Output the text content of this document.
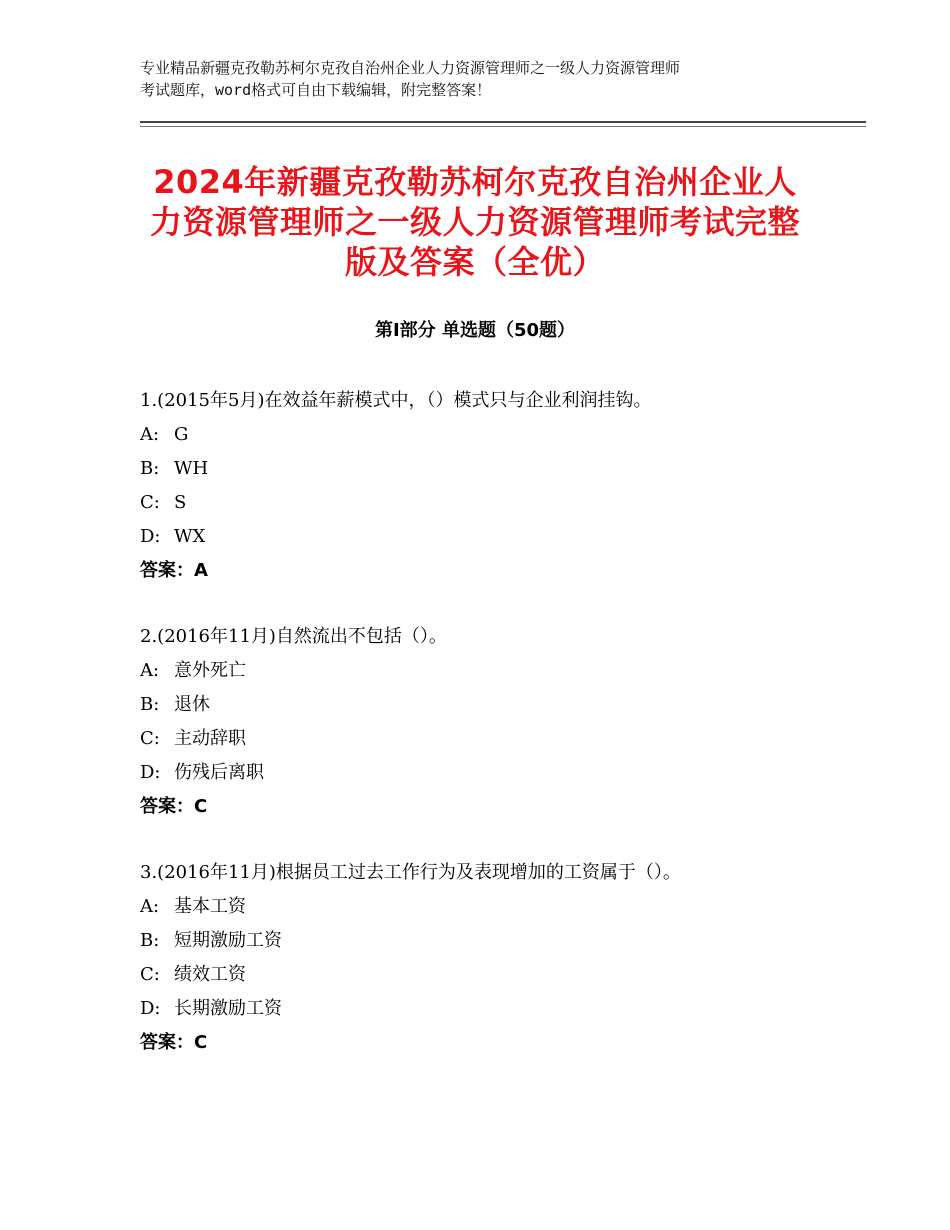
专业精品新疆克孜勒苏柯尔克孜自治州企业人力资源管理师之一级人力资源管理师
考试题库，word格式可自由下载编辑，附完整答案！
2024年新疆克孜勒苏柯尔克孜自治州企业人力资源管理师之一级人力资源管理师考试完整版及答案（全优）
第Ⅰ部分 单选题（50题）
1.(2015年5月)在效益年薪模式中，（）模式只与企业利润挂钩。
A: G
B: WH
C: S
D: WX
答案：A
2.(2016年11月)自然流出不包括（）。
A: 意外死亡
B: 退休
C: 主动辞职
D: 伤残后离职
答案：C
3.(2016年11月)根据员工过去工作行为及表现增加的工资属于（）。
A: 基本工资
B: 短期激励工资
C: 绩效工资
D: 长期激励工资
答案：C
